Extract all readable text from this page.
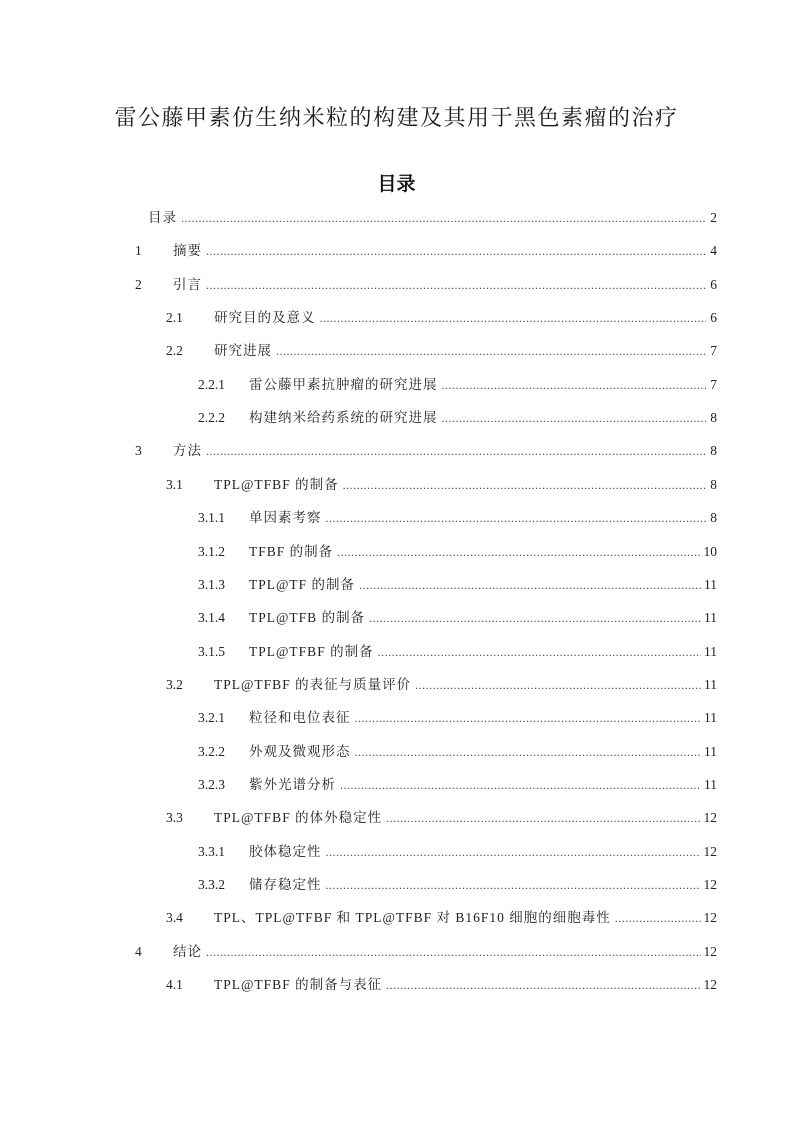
雷公藤甲素仿生纳米粒的构建及其用于黑色素瘤的治疗
目录
目录 .....	2
1	摘要 .....	4
2	引言 .....	6
2.1	研究目的及意义 .....	6
2.2	研究进展 .....	7
2.2.1	雷公藤甲素抗肿瘤的研究进展 .....	7
2.2.2	构建纳米给药系统的研究进展 .....	8
3	方法 .....	8
3.1	TPL@TFBF 的制备 .....	8
3.1.1	单因素考察 .....	8
3.1.2	TFBF 的制备 .....	10
3.1.3	TPL@TF 的制备 .....	11
3.1.4	TPL@TFB 的制备 .....	11
3.1.5	TPL@TFBF 的制备 .....	11
3.2	TPL@TFBF 的表征与质量评价 .....	11
3.2.1	粒径和电位表征 .....	11
3.2.2	外观及微观形态 .....	11
3.2.3	紫外光谱分析 .....	11
3.3	TPL@TFBF 的体外稳定性 .....	12
3.3.1	胶体稳定性 .....	12
3.3.2	储存稳定性 .....	12
3.4	TPL、TPL@TFBF 和 TPL@TFBF 对 B16F10 细胞的细胞毒性 .....	12
4	结论 .....	12
4.1	TPL@TFBF 的制备与表征 .....	12
